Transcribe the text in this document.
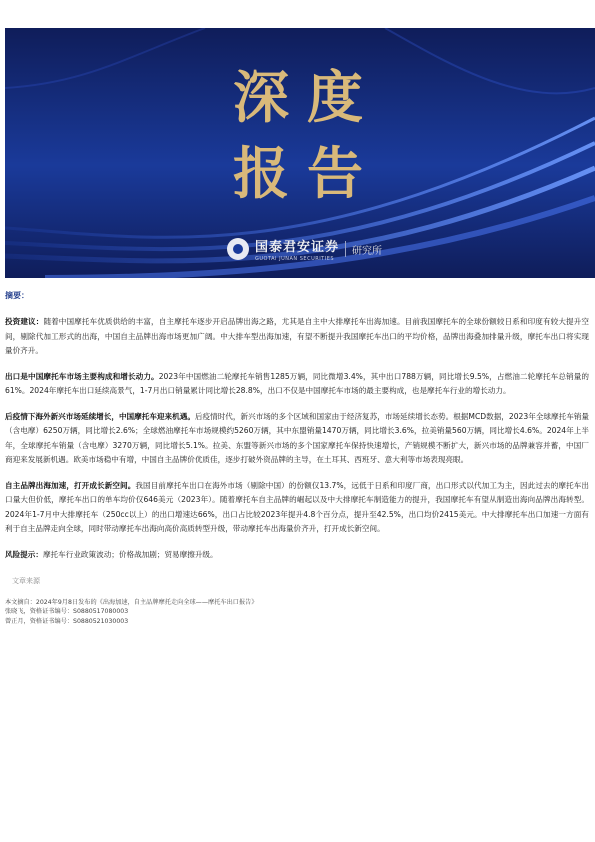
深度
报告
国泰君安证券
GUOTAI JUNAN SECURITIES
研究所
摘要：

投资建议：随着中国摩托车优质供给的丰富，自主摩托车逐步开启品牌出海之路，尤其是自主中大排摩托车出海加速。目前我国摩托车的全球份额较日系和印度有较大提升空间，剔除代加工形式的出海，中国自主品牌出海市场更加广阔。中大排车型出海加速，有望不断提升我国摩托车出口的平均价格，品牌出海叠加排量升级，摩托车出口将实现量价齐升。

出口是中国摩托车市场主要构成和增长动力。2023年中国燃油二轮摩托车销售1285万辆，同比微增3.4%，其中出口788万辆，同比增长9.5%，占燃油二轮摩托车总销量的61%。2024年摩托车出口延续高景气，1-7月出口销量累计同比增长28.8%，出口不仅是中国摩托车市场的最主要构成，也是摩托车行业的增长动力。

后疫情下海外新兴市场延续增长，中国摩托车迎来机遇。后疫情时代，新兴市场的多个区域和国家由于经济复苏，市场延续增长态势。根据MCD数据，2023年全球摩托车销量（含电摩）6250万辆，同比增长2.6%；全球燃油摩托车市场规模约5260万辆，其中东盟销量1470万辆，同比增长3.6%，拉美销量560万辆，同比增长4.6%。2024年上半年，全球摩托车销量（含电摩）3270万辆，同比增长5.1%。拉美、东盟等新兴市场的多个国家摩托车保持快速增长，产销规模不断扩大，新兴市场的品牌兼容并蓄，中国厂商迎来发展新机遇。欧美市场稳中有增，中国自主品牌价优质佳，逐步打破外资品牌的主导，在土耳其、西班牙、意大利等市场表现亮眼。

自主品牌出海加速，打开成长新空间。我国目前摩托车出口在海外市场（剔除中国）的份额仅13.7%，远低于日系和印度厂商，出口形式以代加工为主，因此过去的摩托车出口量大但价低，摩托车出口的单车均价仅646美元（2023年）。随着摩托车自主品牌的崛起以及中大排摩托车制造能力的提升，我国摩托车有望从制造出海向品牌出海转型。2024年1-7月中大排摩托车（250cc以上）的出口增速达66%，出口占比较2023年提升4.8个百分点，提升至42.5%，出口均价2415美元。中大排摩托车出口加速一方面有利于自主品牌走向全球，同时带动摩托车出海向高价高质转型升级，带动摩托车出海量价齐升，打开成长新空间。

风险提示：摩托车行业政策波动；价格战加剧；贸易摩擦升级。

文章来源
本文摘自：2024年9月8日发布的《出海加速，自主品牌摩托走向全球——摩托车出口报告》
张晓飞，资格证书编号：S0880517080003
曾正月，资格证书编号：S0880521030003
